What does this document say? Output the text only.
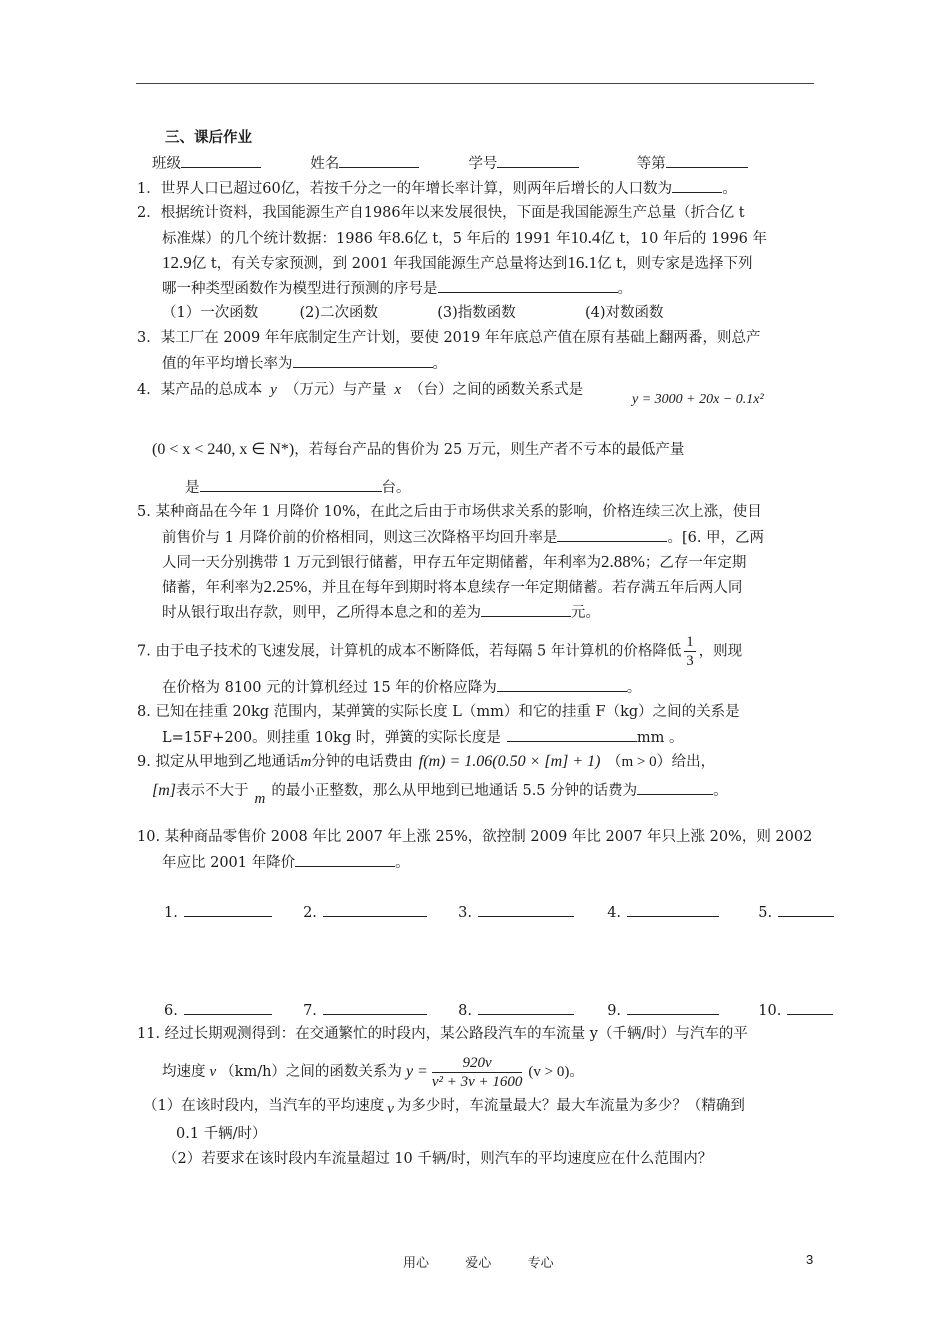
三、课后作业
班级	姓名	学号	等第
1．世界人口已超过60亿，若按千分之一的年增长率计算，则两年后增长的人口数为	。
2．根据统计资料，我国能源生产自1986年以来发展很快，下面是我国能源生产总量（折合亿 t
标准煤）的几个统计数据：1986 年8.6亿 t，5 年后的 1991 年10.4亿 t，10 年后的 1996 年
12.9亿 t，有关专家预测，到 2001 年我国能源生产总量将达到16.1亿 t，则专家是选择下列
哪一种类型函数作为模型进行预测的序号是	。
（1）一次函数	(2)二次函数	(3)指数函数	(4)对数函数
3．某工厂在 2009 年年底制定生产计划，要使 2019 年年底总产值在原有基础上翻两番，则总产
值的年平均增长率为	。
4．某产品的总成本 y （万元）与产量 x （台）之间的函数关系式是
y = 3000 + 20x − 0.1x²
(0 < x < 240, x ∈ N*)，若每台产品的售价为 25 万元，则生产者不亏本的最低产量
是	台。
5. 某种商品在今年 1 月降价 10%，在此之后由于市场供求关系的影响，价格连续三次上涨，使目
前售价与 1 月降价前的价格相同，则这三次降格平均回升率是	。[6. 甲，乙两
人同一天分别携带 1 万元到银行储蓄，甲存五年定期储蓄，年利率为2.88%；乙存一年定期
储蓄，年利率为2.25%，并且在每年到期时将本息续存一年定期储蓄。若存满五年后两人同
时从银行取出存款，则甲，乙所得本息之和的差为	元。
7. 由于电子技术的飞速发展，计算机的成本不断降低，若每隔 5 年计算机的价格降低 $\frac{1}{3}$ ，则现
在价格为 8100 元的计算机经过 15 年的价格应降为	。
8. 已知在挂重 20kg 范围内，某弹簧的实际长度 L（mm）和它的挂重 F（kg）之间的关系是
L=15F+200。则挂重 10kg 时，弹簧的实际长度是	mm 。
9. 拟定从甲地到乙地通话m分钟的电话费由 f(m) = 1.06(0.50 × [m] + 1) （m > 0）给出，
[m]表示不大于 m 的最小正整数，那么从甲地到已地通话 5.5 分钟的话费为	。
10. 某种商品零售价 2008 年比 2007 年上涨 25%，欲控制 2009 年比 2007 年只上涨 20%，则 2002
年应比 2001 年降价	。
1.	2.	3.	4.	5.
6.	7.	8.	9.	10.
11. 经过长期观测得到：在交通繁忙的时段内，某公路段汽车的车流量 y（千辆/时）与汽车的平
均速度 v （km/h）之间的函数关系为 $y = \frac{920v}{\text{v² + 3v + 1600}} (v > 0)$。
（1）在该时段内，当汽车的平均速度 v 为多少时，车流量最大？最大车流量为多少？（精确到
0.1 千辆/时）
（2）若要求在该时段内车流量超过 10 千辆/时，则汽车的平均速度应在什么范围内？
用心	爱心	专心	3
